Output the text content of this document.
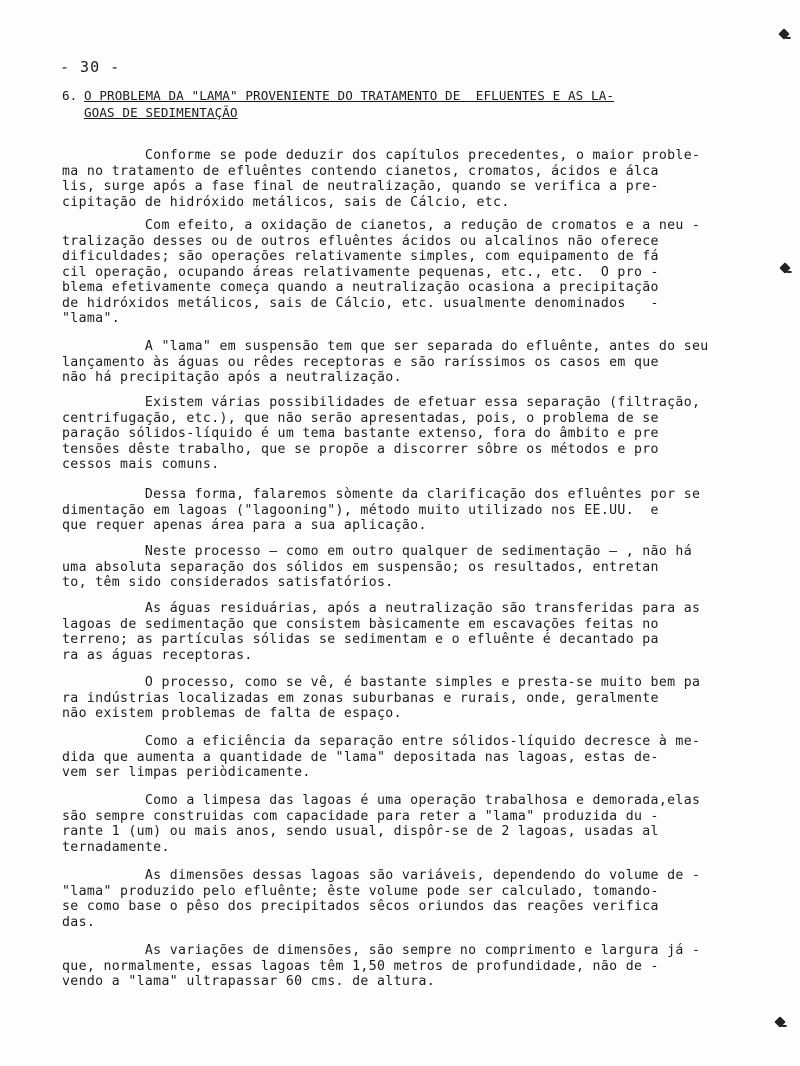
- 30 -

6.

O PROBLEMA DA "LAMA" PROVENIENTE DO TRATAMENTO DE  EFLUENTES E AS LA-

GOAS DE SEDIMENTAÇÃO

Conforme se pode deduzir dos capítulos precedentes, o maior proble-
ma no tratamento de efluêntes contendo cianetos, cromatos, ácidos e álca
lis, surge após a fase final de neutralização, quando se verifica a pre-
cipitação de hidróxido metálicos, sais de Cálcio, etc.
Com efeito, a oxidação de cianetos, a redução de cromatos e a neu -
tralização desses ou de outros efluêntes ácidos ou alcalinos não oferece
dificuldades; são operações relativamente simples, com equipamento de fá
cil operação, ocupando áreas relativamente pequenas, etc., etc.  O pro -
blema efetivamente começa quando a neutralização ocasiona a precipitação
de hidróxidos metálicos, sais de Cálcio, etc. usualmente denominados   -
"lama".
A "lama" em suspensão tem que ser separada do efluênte, antes do seu
lançamento às águas ou rêdes receptoras e são raríssimos os casos em que
não há precipitação após a neutralização.
Existem várias possibilidades de efetuar essa separação (filtração,
centrifugação, etc.), que não serão apresentadas, pois, o problema de se
paração sólidos-líquido é um tema bastante extenso, fora do âmbito e pre
tensões dêste trabalho, que se propõe a discorrer sôbre os métodos e pro
cessos mais comuns.
Dessa forma, falaremos sòmente da clarificação dos efluêntes por se
dimentação em lagoas ("lagooning"), método muito utilizado nos EE.UU.  e
que requer apenas área para a sua aplicação.
Neste processo — como em outro qualquer de sedimentação — , não há
uma absoluta separação dos sólidos em suspensão; os resultados, entretan
to, têm sido considerados satisfatórios.
As águas residuárias, após a neutralização são transferidas para as
lagoas de sedimentação que consistem bàsicamente em escavações feitas no
terreno; as partículas sólidas se sedimentam e o efluênte é decantado pa
ra as águas receptoras.
O processo, como se vê, é bastante simples e presta-se muito bem pa
ra indústrias localizadas em zonas suburbanas e rurais, onde, geralmente
não existem problemas de falta de espaço.
Como a eficiência da separação entre sólidos-líquido decresce à me-
dida que aumenta a quantidade de "lama" depositada nas lagoas, estas de-
vem ser limpas periòdicamente.
Como a limpesa das lagoas é uma operação trabalhosa e demorada,elas
são sempre construidas com capacidade para reter a "lama" produzida du -
rante 1 (um) ou mais anos, sendo usual, dispôr-se de 2 lagoas, usadas al
ternadamente.
As dimensões dessas lagoas são variáveis, dependendo do volume de -
"lama" produzido pelo efluênte; êste volume pode ser calculado, tomando-
se como base o pêso dos precipitados sêcos oriundos das reações verifica
das.
As variações de dimensões, são sempre no comprimento e largura já -
que, normalmente, essas lagoas têm 1,50 metros de profundidade, não de -
vendo a "lama" ultrapassar 60 cms. de altura.
